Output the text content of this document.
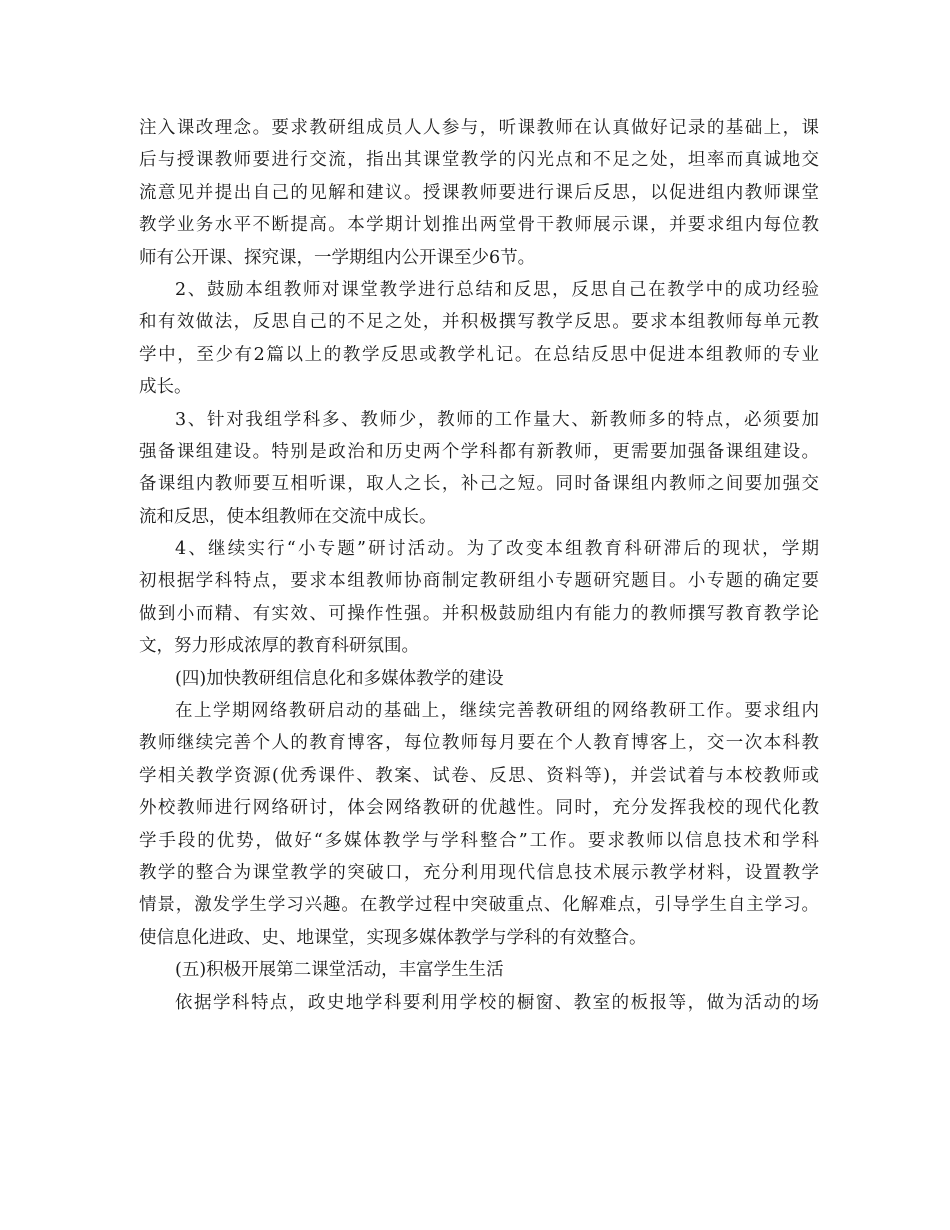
注入课改理念。要求教研组成员人人参与，听课教师在认真做好记录的基础上，课
后与授课教师要进行交流，指出其课堂教学的闪光点和不足之处，坦率而真诚地交
流意见并提出自己的见解和建议。授课教师要进行课后反思，以促进组内教师课堂
教学业务水平不断提高。本学期计划推出两堂骨干教师展示课，并要求组内每位教
师有公开课、探究课，一学期组内公开课至少6节。
2、鼓励本组教师对课堂教学进行总结和反思，反思自己在教学中的成功经验
和有效做法，反思自己的不足之处，并积极撰写教学反思。要求本组教师每单元教
学中，至少有2篇以上的教学反思或教学札记。在总结反思中促进本组教师的专业
成长。
3、针对我组学科多、教师少，教师的工作量大、新教师多的特点，必须要加
强备课组建设。特别是政治和历史两个学科都有新教师，更需要加强备课组建设。
备课组内教师要互相听课，取人之长，补己之短。同时备课组内教师之间要加强交
流和反思，使本组教师在交流中成长。
4、继续实行“小专题”研讨活动。为了改变本组教育科研滞后的现状，学期
初根据学科特点，要求本组教师协商制定教研组小专题研究题目。小专题的确定要
做到小而精、有实效、可操作性强。并积极鼓励组内有能力的教师撰写教育教学论
文，努力形成浓厚的教育科研氛围。
(四)加快教研组信息化和多媒体教学的建设
在上学期网络教研启动的基础上，继续完善教研组的网络教研工作。要求组内
教师继续完善个人的教育博客，每位教师每月要在个人教育博客上，交一次本科教
学相关教学资源(优秀课件、教案、试卷、反思、资料等)，并尝试着与本校教师或
外校教师进行网络研讨，体会网络教研的优越性。同时，充分发挥我校的现代化教
学手段的优势，做好“多媒体教学与学科整合”工作。要求教师以信息技术和学科
教学的整合为课堂教学的突破口，充分利用现代信息技术展示教学材料，设置教学
情景，激发学生学习兴趣。在教学过程中突破重点、化解难点，引导学生自主学习。
使信息化进政、史、地课堂，实现多媒体教学与学科的有效整合。
(五)积极开展第二课堂活动，丰富学生生活
依据学科特点，政史地学科要利用学校的橱窗、教室的板报等，做为活动的场
